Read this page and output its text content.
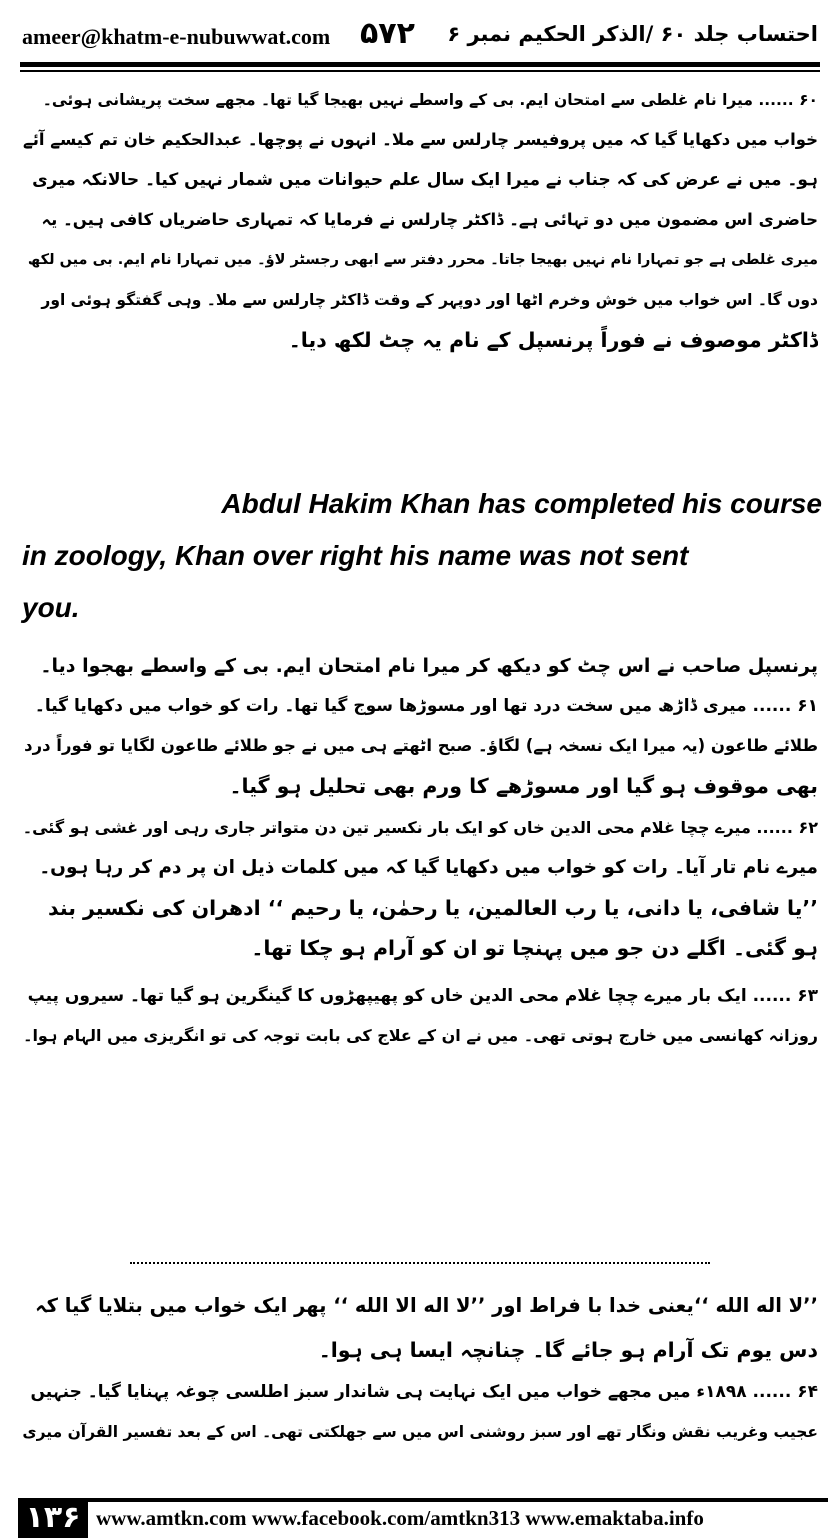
ameer@khatm-e-nubuwwat.com ۵۷۲ احتساب جلد ۶۰ /الذکر الحکیم نمبر ۶
۶۰ ...... میرا نام غلطی سے امتحان ایم. بی کے واسطے نہیں بھیجا گیا تھا۔ مجھے سخت پریشانی ہوئی۔
خواب میں دکھایا گیا کہ میں پروفیسر چارلس سے ملا۔ انہوں نے پوچھا۔ عبدالحکیم خان تم کیسے آئے
ہو۔ میں نے عرض کی کہ جناب نے میرا ایک سال علم حیوانات میں شمار نہیں کیا۔ حالانکہ میری
حاضری اس مضمون میں دو تہائی ہے۔ ڈاکٹر چارلس نے فرمایا کہ تمہاری حاضریاں کافی ہیں۔ یہ
میری غلطی ہے جو تمہارا نام نہیں بھیجا جاتا۔ محرر دفتر سے ابھی رجسٹر لاؤ۔ میں تمہارا نام ایم. بی میں لکھ
دوں گا۔ اس خواب میں خوش وخرم اٹھا اور دوپہر کے وقت ڈاکٹر چارلس سے ملا۔ وہی گفتگو ہوئی اور
ڈاکٹر موصوف نے فوراً پرنسپل کے نام یہ چٹ لکھ دیا۔
Abdul Hakim Khan has completed his course
in zoology, Khan over right his name was not sent
you.
پرنسپل صاحب نے اس چٹ کو دیکھ کر میرا نام امتحان ایم. بی کے واسطے بھجوا دیا۔
۶۱ ...... میری ڈاڑھ میں سخت درد تھا اور مسوڑھا سوج گیا تھا۔ رات کو خواب میں دکھایا گیا۔
طلائے طاعون (یہ میرا ایک نسخہ ہے) لگاؤ۔ صبح اٹھتے ہی میں نے جو طلائے طاعون لگایا تو فوراً درد
بھی موقوف ہو گیا اور مسوڑھے کا ورم بھی تحلیل ہو گیا۔
۶۲ ...... میرے چچا غلام محی الدین خاں کو ایک بار نکسیر تین دن متواتر جاری رہی اور غشی ہو گئی۔
میرے نام تار آیا۔ رات کو خواب میں دکھایا گیا کہ میں کلمات ذیل ان پر دم کر رہا ہوں۔
’’یا شافی، یا دانی، یا رب العالمین، یا رحمٰن، یا رحیم ‘‘ ادھران کی نکسیر بند
ہو گئی۔ اگلے دن جو میں پہنچا تو ان کو آرام ہو چکا تھا۔
۶۳ ...... ایک بار میرے چچا غلام محی الدین خاں کو پھیپھڑوں کا گینگرین ہو گیا تھا۔ سیروں پیپ
روزانہ کھانسی میں خارج ہوتی تھی۔ میں نے ان کے علاج کی بابت توجہ کی تو انگریزی میں الہام ہوا۔
’’لا اله الله ‘‘یعنی خدا با فراط اور ’’لا اله الا الله ‘‘ پھر ایک خواب میں بتلایا گیا کہ
دس یوم تک آرام ہو جائے گا۔ چنانچہ ایسا ہی ہوا۔
۶۴ ...... ۱۸۹۸ء میں مجھے خواب میں ایک نہایت ہی شاندار سبز اطلسی چوغہ پہنایا گیا۔ جنہیں
عجیب وغریب نقش ونگار تھے اور سبز روشنی اس میں سے جھلکتی تھی۔ اس کے بعد تفسیر القرآن میری
۱۳۶ www.amtkn.com www.facebook.com/amtkn313 www.emaktaba.info
